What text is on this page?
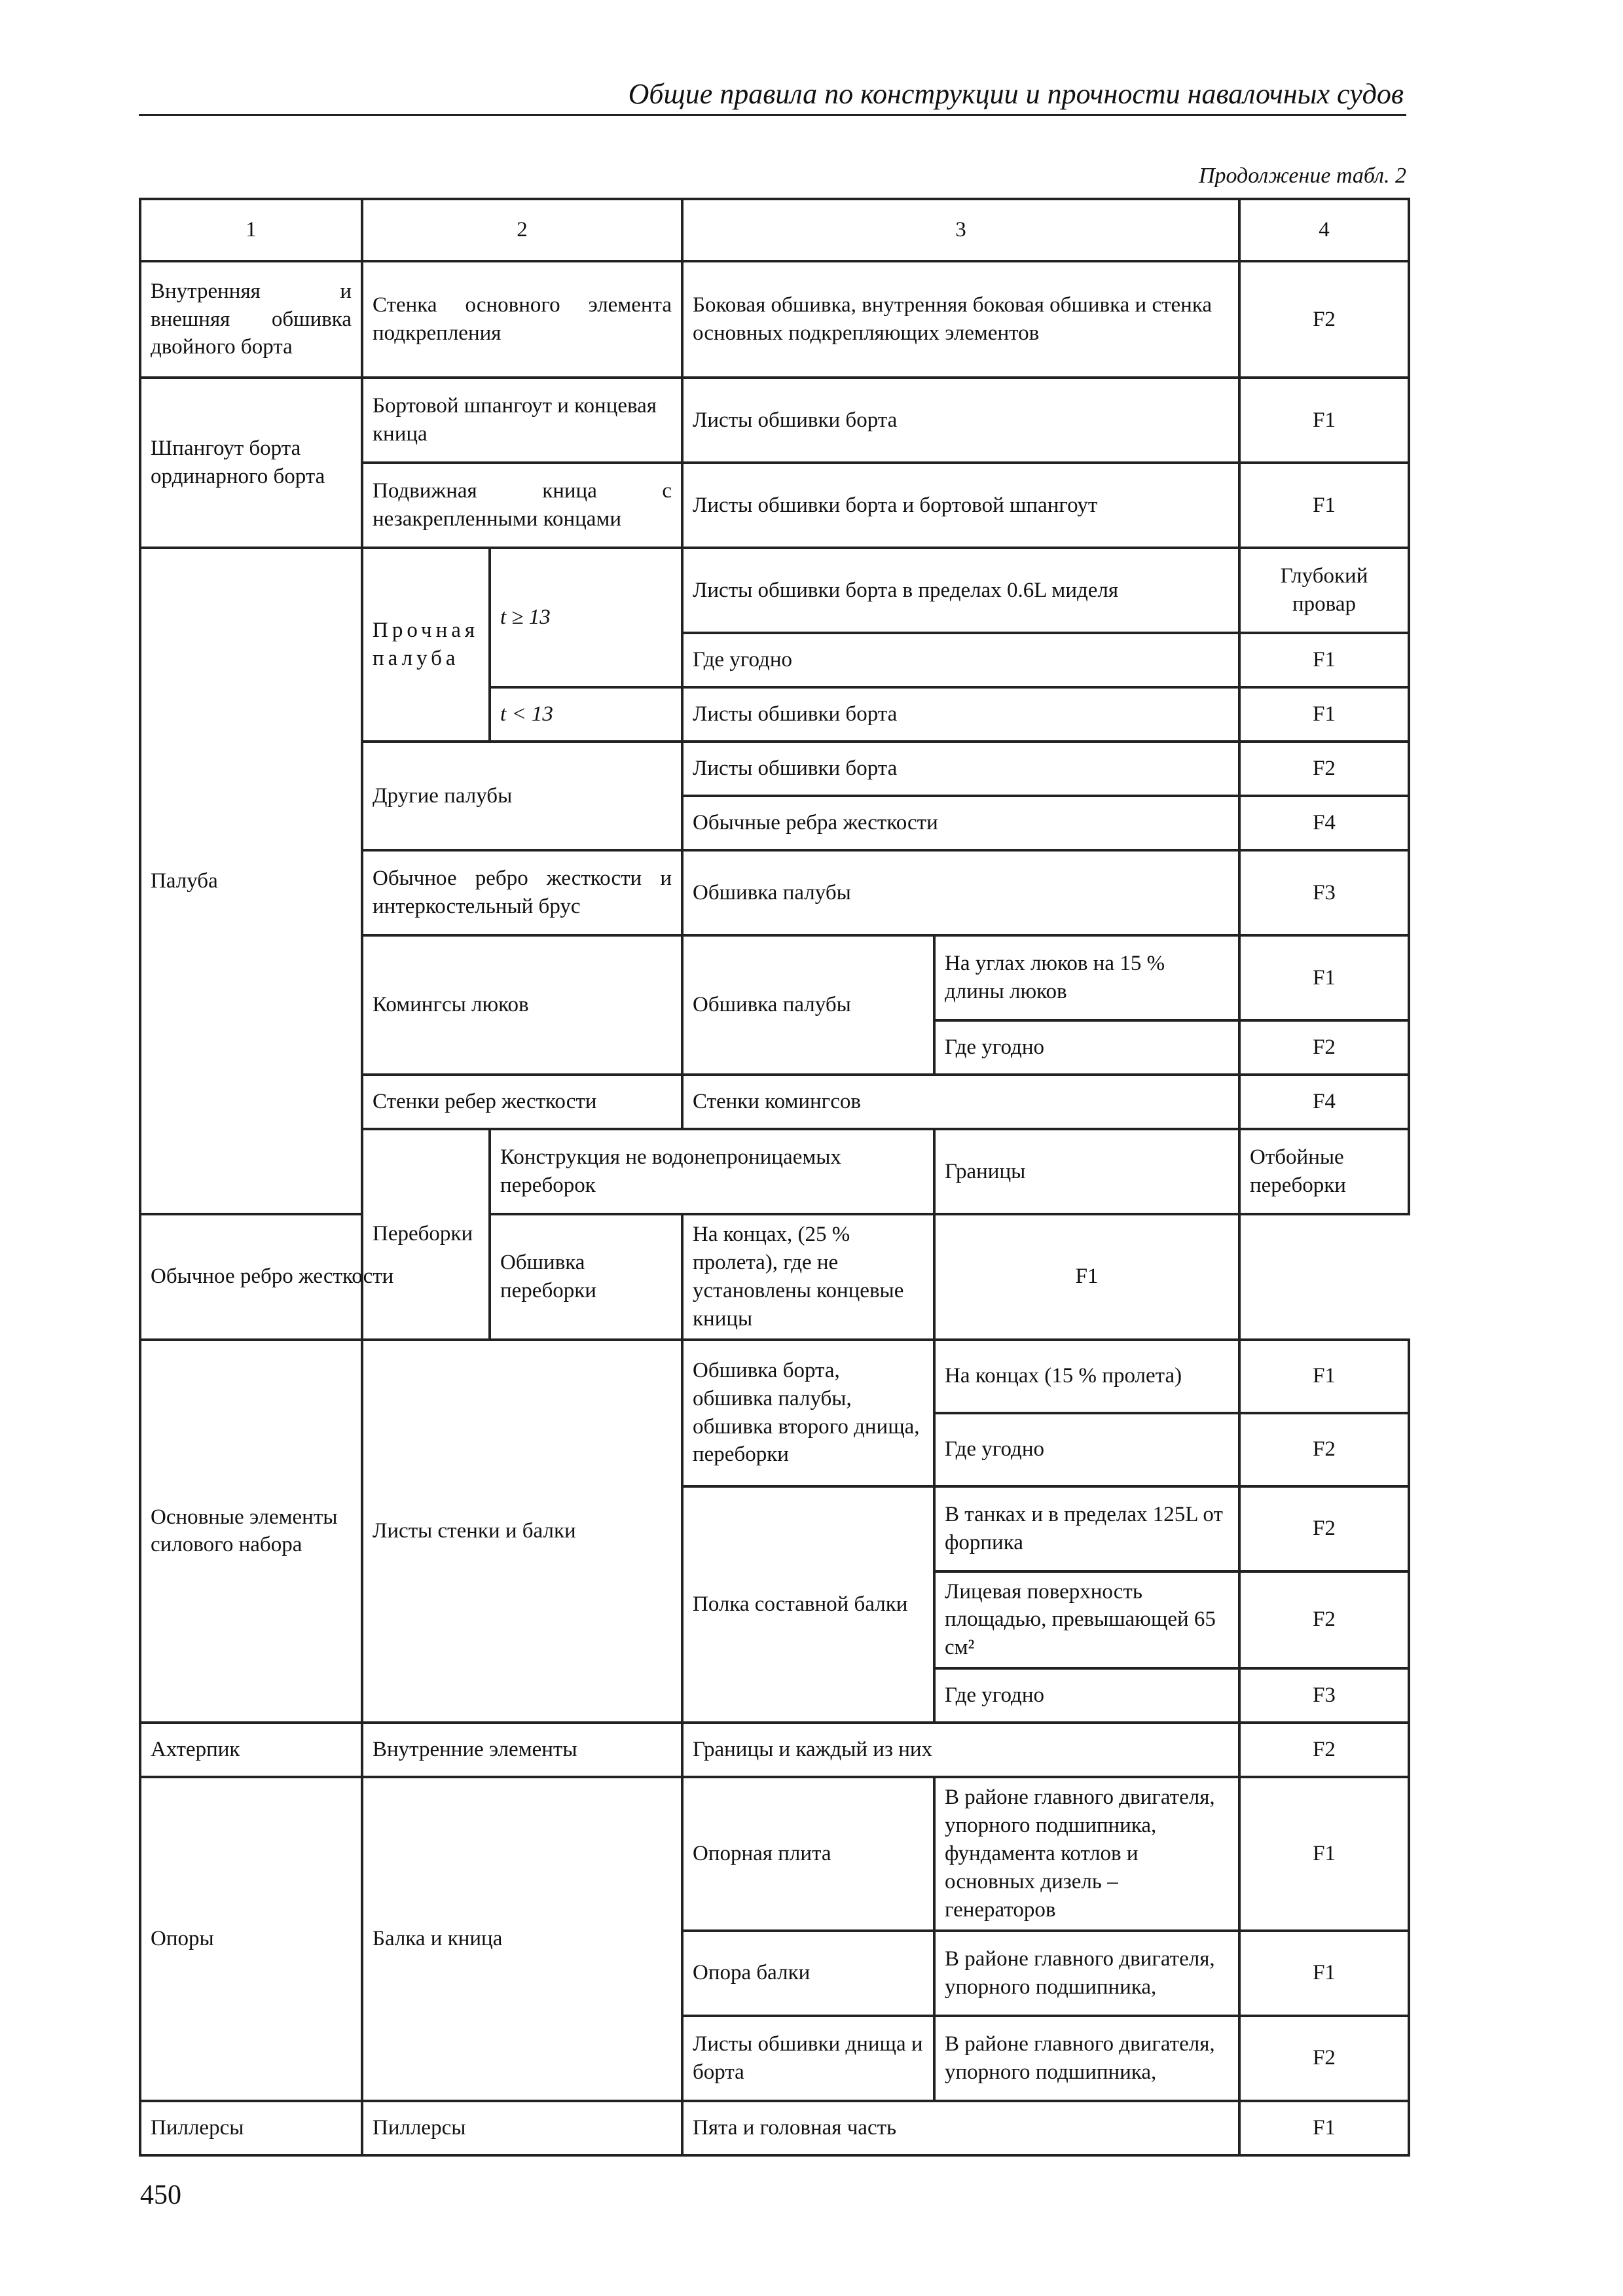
Общие правила по конструкции и прочности навалочных судов
Продолжение табл. 2
1	2		3		4	
Внутренняя и внешняя обшивка двойного борта	Стенка основного элемента подкрепления		Боковая обшивка, внутренняя боковая обшивка и стенка основных подкрепляющих элементов		F2	
Шпангоут борта ординарного борта	Бортовой шпангоут и концевая кница		Листы обшивки борта		F1	
	Подвижная кница с незакрепленными концами		Листы обшивки борта и бортовой шпангоут		F1	
Палуба	Прочная палуба	t ≥ 13	Листы обшивки борта в пределах 0.6L миделя		Глубокий провар	
			Где угодно		F1	
		t < 13	Листы обшивки борта		F1	
	Другие палубы		Листы обшивки борта		F2	
			Обычные ребра жесткости		F4	
	Обычное ребро жесткости и интеркостельный брус		Обшивка палубы		F3	
	Комингсы люков		Обшивка палубы	На углах люков на 15 % длины люков	F1	
				Где угодно	F2	
	Стенки ребер жесткости		Стенки комингсов		F4	
	Переборки	Конструкция не водонепроницаемых переборок		Границы	Отбойные переборки	
Обычное ребро жесткости		Обшивка переборки	На концах, (25 % пролета), где не установлены концевые кницы	F1		
Основные элементы силового набора	Листы стенки и балки		Обшивка борта, обшивка палубы, обшивка второго днища, переборки	На концах (15 % пролета)	F1	
				Где угодно	F2	
			Полка составной балки	В танках и в пределах 125L от форпика	F2	
				Лицевая поверхность площадью, превышающей 65 см²	F2	
				Где угодно	F3	
Ахтерпик	Внутренние элементы		Границы и каждый из них		F2	
Опоры	Балка и кница		Опорная плита	В районе главного двигателя, упорного подшипника, фундамента котлов и основных дизель – генераторов	F1	
			Опора балки	В районе главного двигателя, упорного подшипника,	F1	
			Листы обшивки днища и борта	В районе главного двигателя, упорного подшипника,	F2	
Пиллерсы	Пиллерсы		Пята и головная часть		F1	
450
